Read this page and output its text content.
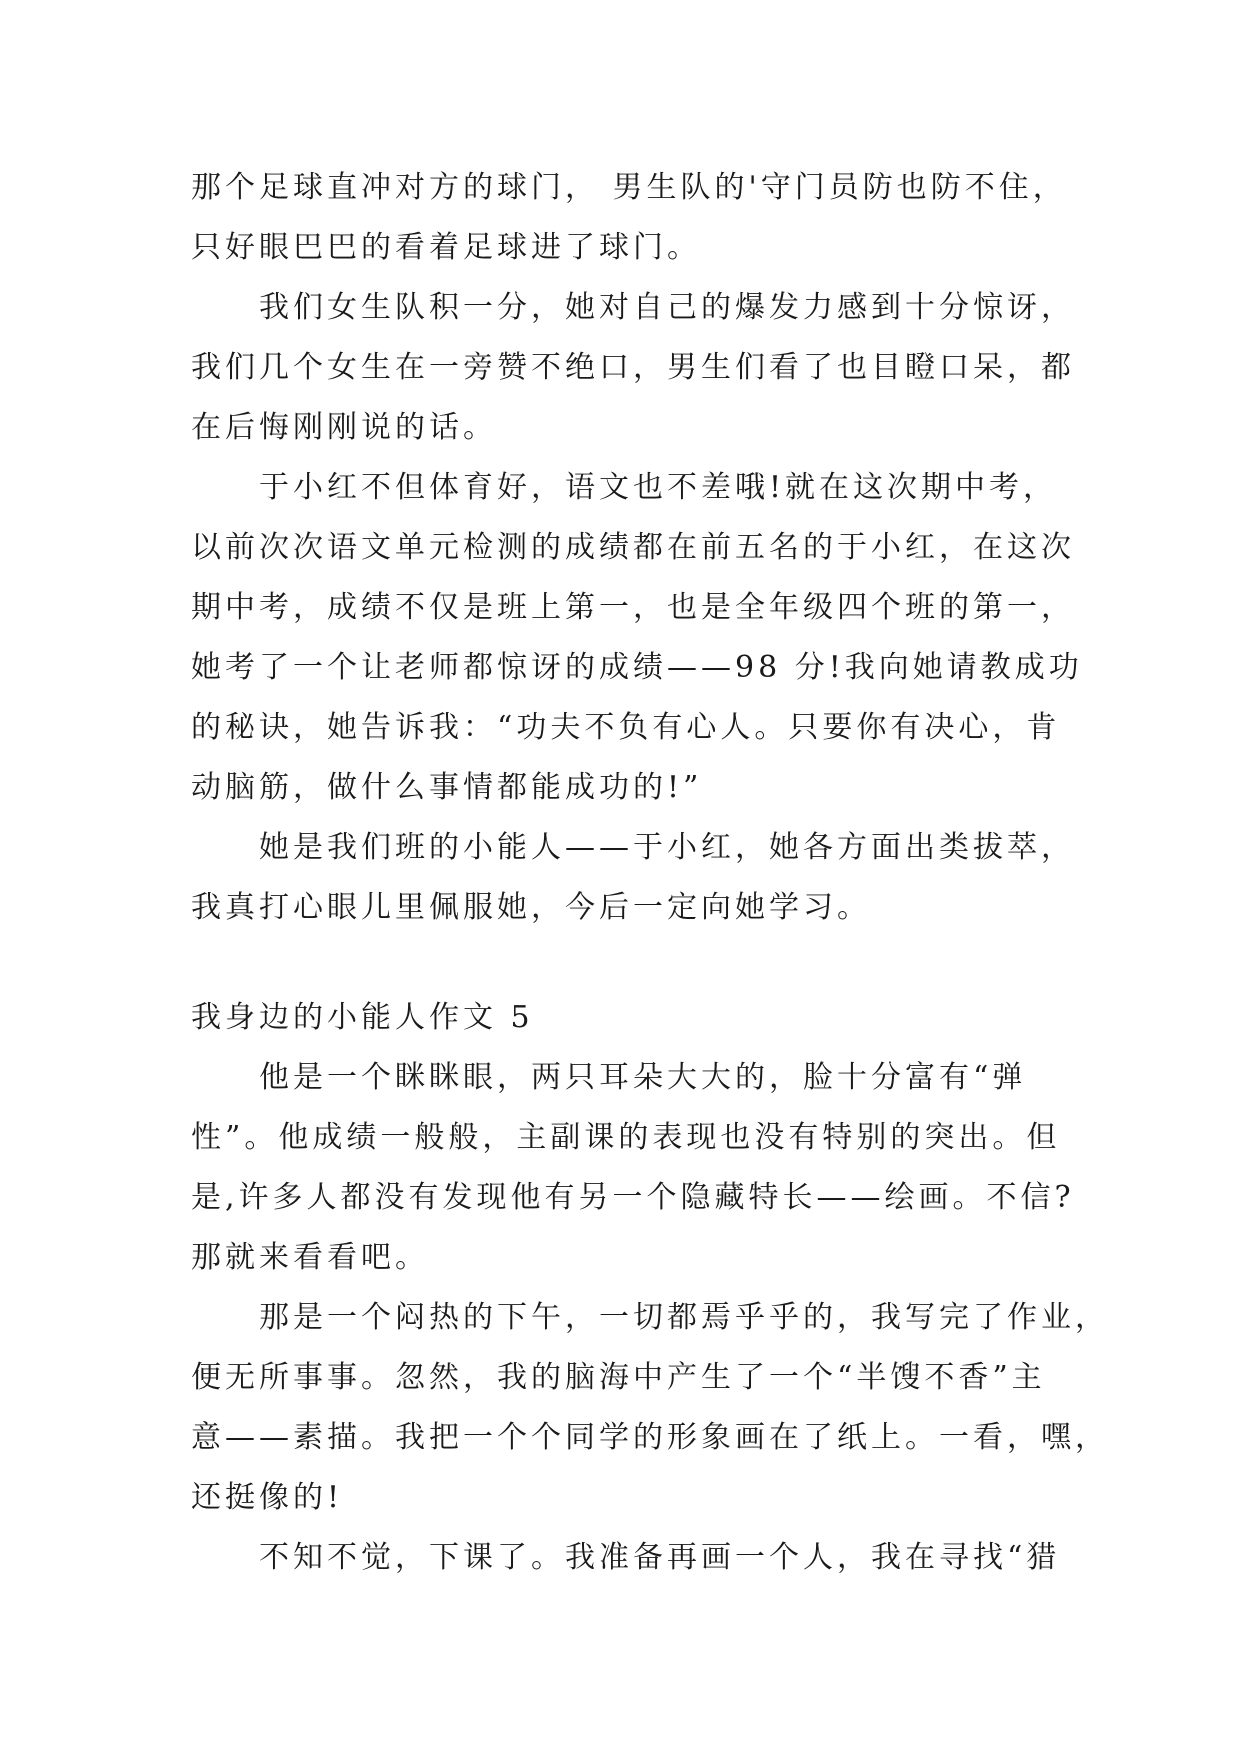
那个足球直冲对方的球门， 男生队的'守门员防也防不住，
只好眼巴巴的看着足球进了球门。
我们女生队积一分，她对自己的爆发力感到十分惊讶，
我们几个女生在一旁赞不绝口，男生们看了也目瞪口呆，都
在后悔刚刚说的话。
于小红不但体育好，语文也不差哦!就在这次期中考，
以前次次语文单元检测的成绩都在前五名的于小红，在这次
期中考，成绩不仅是班上第一，也是全年级四个班的第一，
她考了一个让老师都惊讶的成绩——98 分!我向她请教成功
的秘诀，她告诉我：“功夫不负有心人。只要你有决心，肯
动脑筋，做什么事情都能成功的!”
她是我们班的小能人——于小红，她各方面出类拔萃，
我真打心眼儿里佩服她，今后一定向她学习。
我身边的小能人作文 5
他是一个眯眯眼，两只耳朵大大的，脸十分富有“弹
性”。他成绩一般般，主副课的表现也没有特别的突出。但
是,许多人都没有发现他有另一个隐藏特长——绘画。不信?
那就来看看吧。
那是一个闷热的下午，一切都焉乎乎的，我写完了作业，
便无所事事。忽然，我的脑海中产生了一个“半馊不香”主
意——素描。我把一个个同学的形象画在了纸上。一看，嘿，
还挺像的!
不知不觉，下课了。我准备再画一个人，我在寻找“猎
